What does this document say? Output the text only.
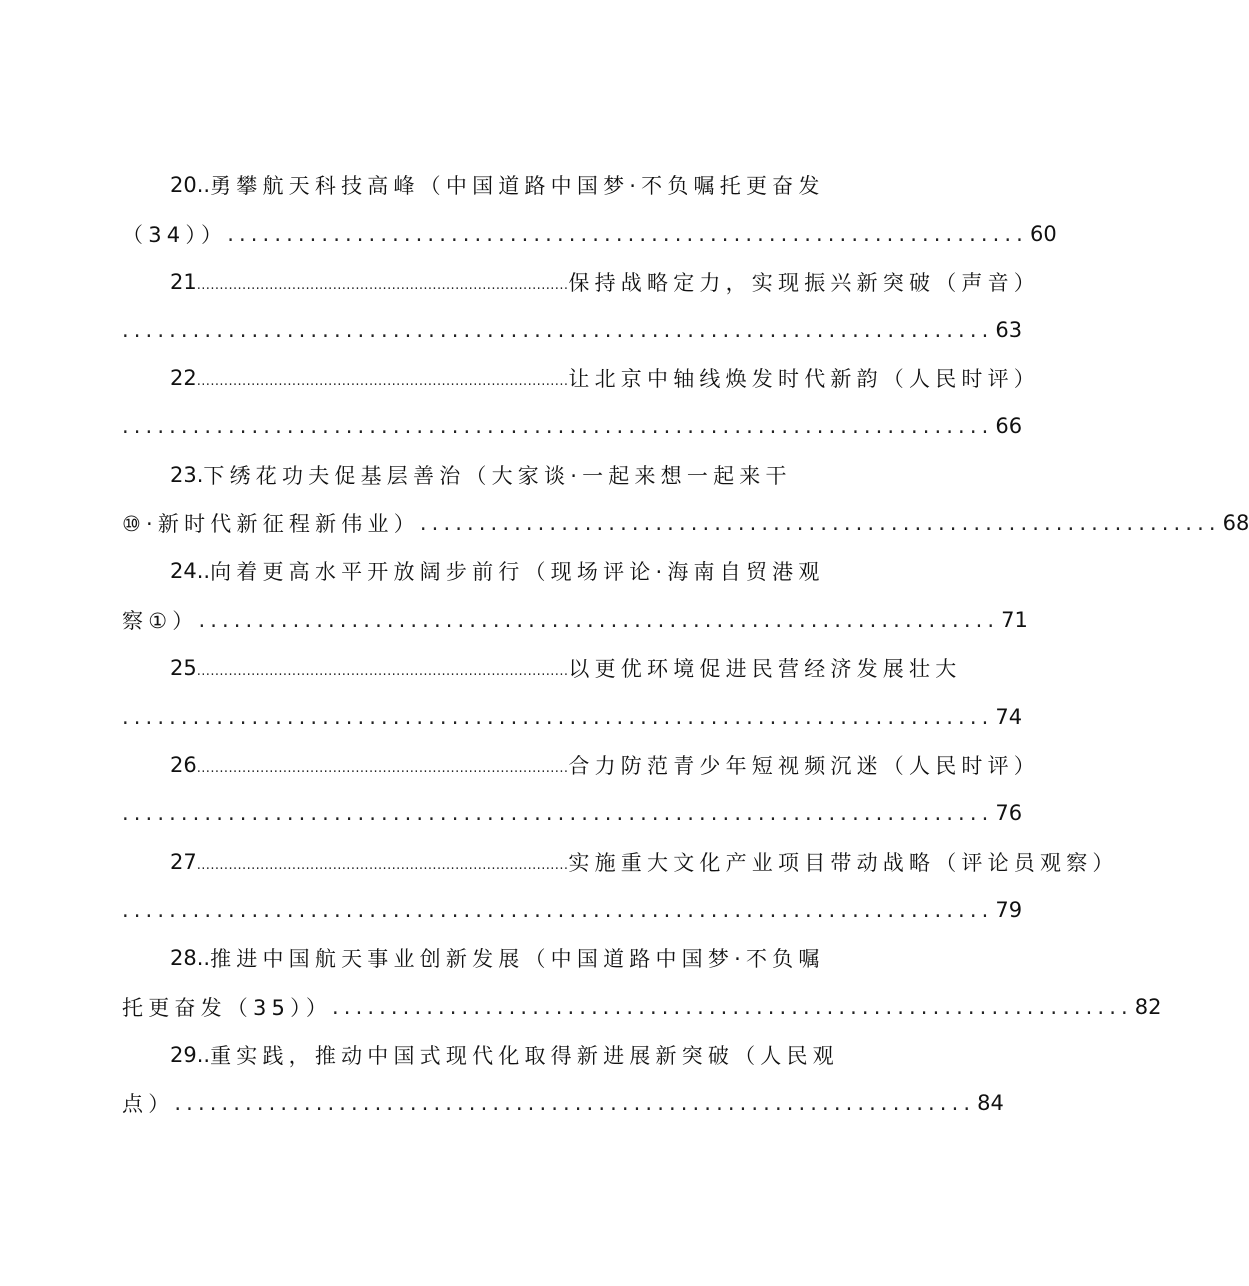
20.. 勇攀航天科技高峰（中国道路中国梦·不负嘱托更奋发
（34）） .................................................................... 60
21 .................................................................................. 保持战略定力，实现振兴新突破（声音）
.......................................................................... 63
22 .................................................................................. 让北京中轴线焕发时代新韵（人民时评）
.......................................................................... 66
23. 下绣花功夫促基层善治（大家谈·一起来想一起来干
⑩·新时代新征程新伟业） .................................................................... 68
24.. 向着更高水平开放阔步前行（现场评论·海南自贸港观
察①） .................................................................... 71
25 .................................................................................. 以更优环境促进民营经济发展壮大
.......................................................................... 74
26 .................................................................................. 合力防范青少年短视频沉迷（人民时评）
.......................................................................... 76
27 .................................................................................. 实施重大文化产业项目带动战略（评论员观察）
.......................................................................... 79
28.. 推进中国航天事业创新发展（中国道路中国梦·不负嘱
托更奋发（35）） .................................................................... 82
29.. 重实践，推动中国式现代化取得新进展新突破（人民观
点） .................................................................... 84
